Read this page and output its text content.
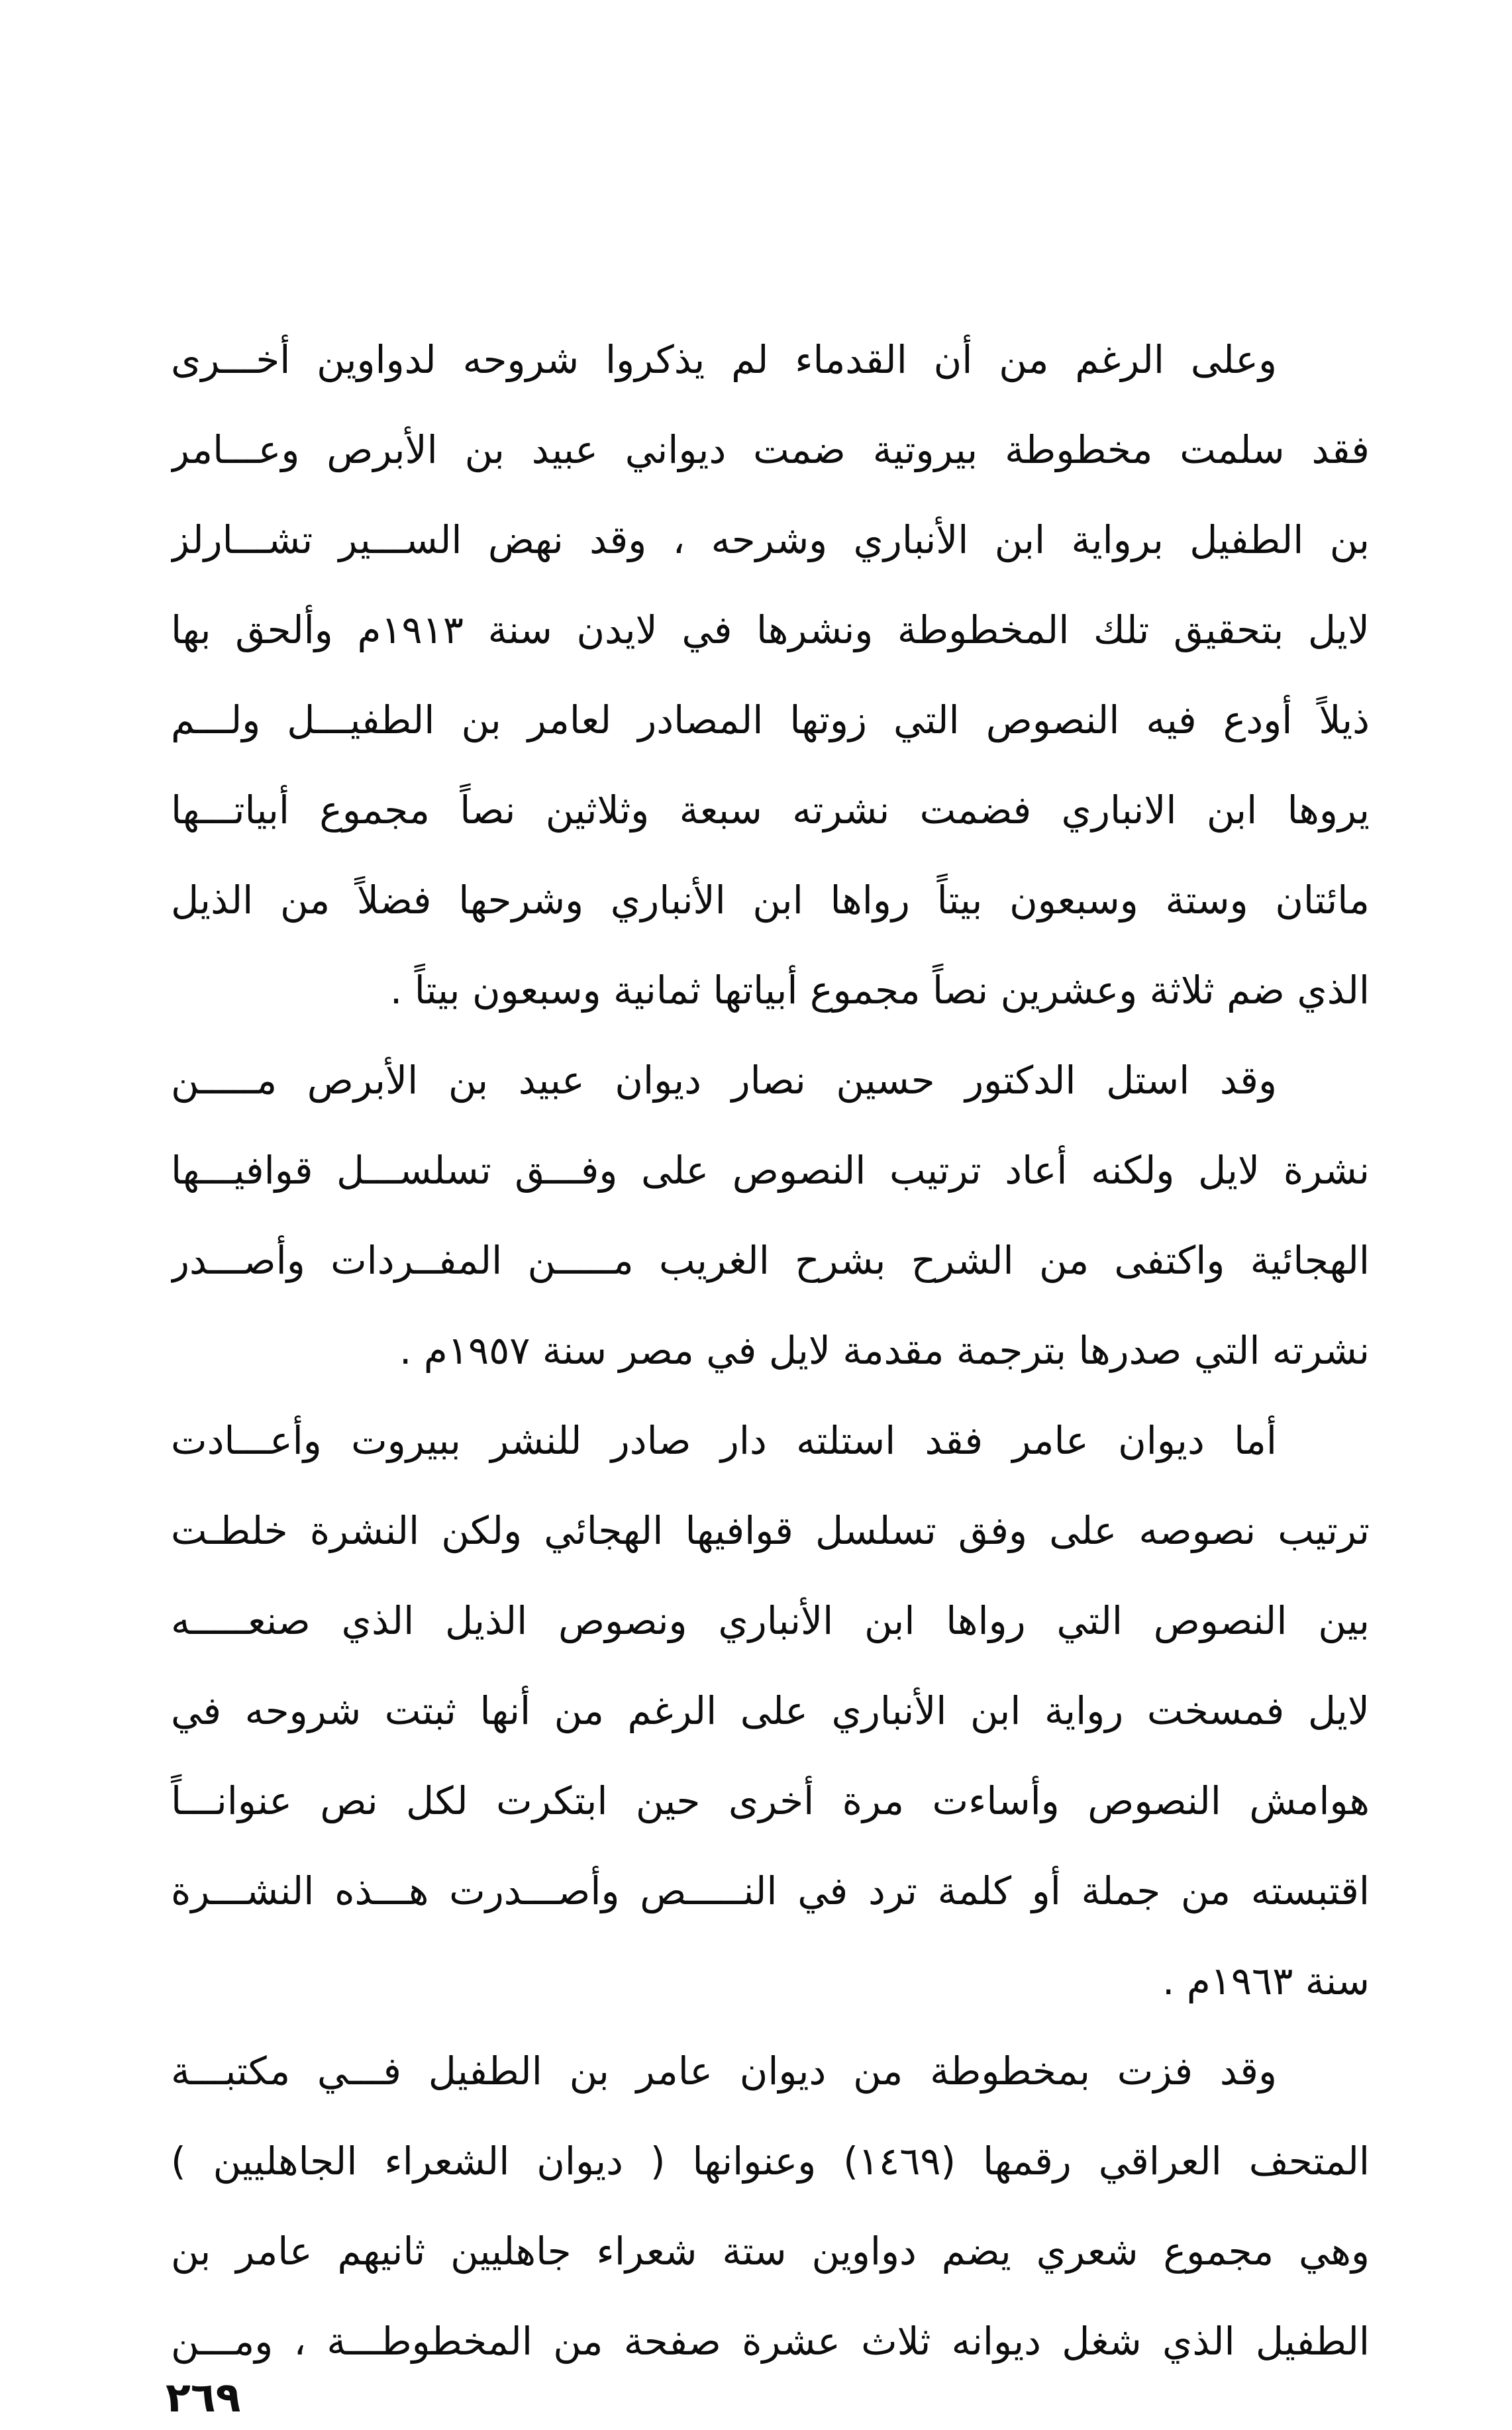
وعلى الرغم من أن القدماء لم يذكروا شروحه لدواوين أخـــرى
فقد سلمت مخطوطة بيروتية ضمت ديواني عبيد بن الأبرص وعـــامر
بن الطفيل برواية ابن الأنباري وشرحه ، وقد نهض الســـير تشـــارلز
لايل بتحقيق تلك المخطوطة ونشرها في لايدن سنة ١٩١٣م وألحق بها
ذيلاً أودع فيه النصوص التي زوتها المصادر لعامر بن الطفيـــل ولـــم
يروها ابن الانباري فضمت نشرته سبعة وثلاثين نصاً مجموع أبياتـــها
مائتان وستة وسبعون بيتاً رواها ابن الأنباري وشرحها فضلاً من الذيل
الذي ضم ثلاثة وعشرين نصاً مجموع أبياتها ثمانية وسبعون بيتاً .
وقد استل الدكتور حسين نصار ديوان عبيد بن الأبرص مـــــن
نشرة لايل ولكنه أعاد ترتيب النصوص على وفـــق تسلســـل قوافيـــها
الهجائية واكتفى من الشرح بشرح الغريب مـــــن المفــردات وأصـــدر
نشرته التي صدرها بترجمة مقدمة لايل في مصر سنة ١٩٥٧م .
أما ديوان عامر فقد استلته دار صادر للنشر ببيروت وأعـــادت
ترتيب نصوصه على وفق تسلسل قوافيها الهجائي ولكن النشرة خلطـت
بين النصوص التي رواها ابن الأنباري ونصوص الذيل الذي صنعـــــه
لايل فمسخت رواية ابن الأنباري على الرغم من أنها ثبتت شروحه في
هوامش النصوص وأساءت مرة أخرى حين ابتكرت لكل نص عنوانـــاً
اقتبسته من جملة أو كلمة ترد في النـــــص وأصـــدرت هـــذه النشـــرة
سنة ١٩٦٣م .
وقد فزت بمخطوطة من ديوان عامر بن الطفيل فـــي مكتبـــة
المتحف العراقي رقمها (١٤٦٩) وعنوانها ( ديوان الشعراء الجاهليين )
وهي مجموع شعري يضم دواوين ستة شعراء جاهليين ثانيهم عامر بن
الطفيل الذي شغل ديوانه ثلاث عشرة صفحة من المخطوطـــة ، ومـــن
٢٦٩
